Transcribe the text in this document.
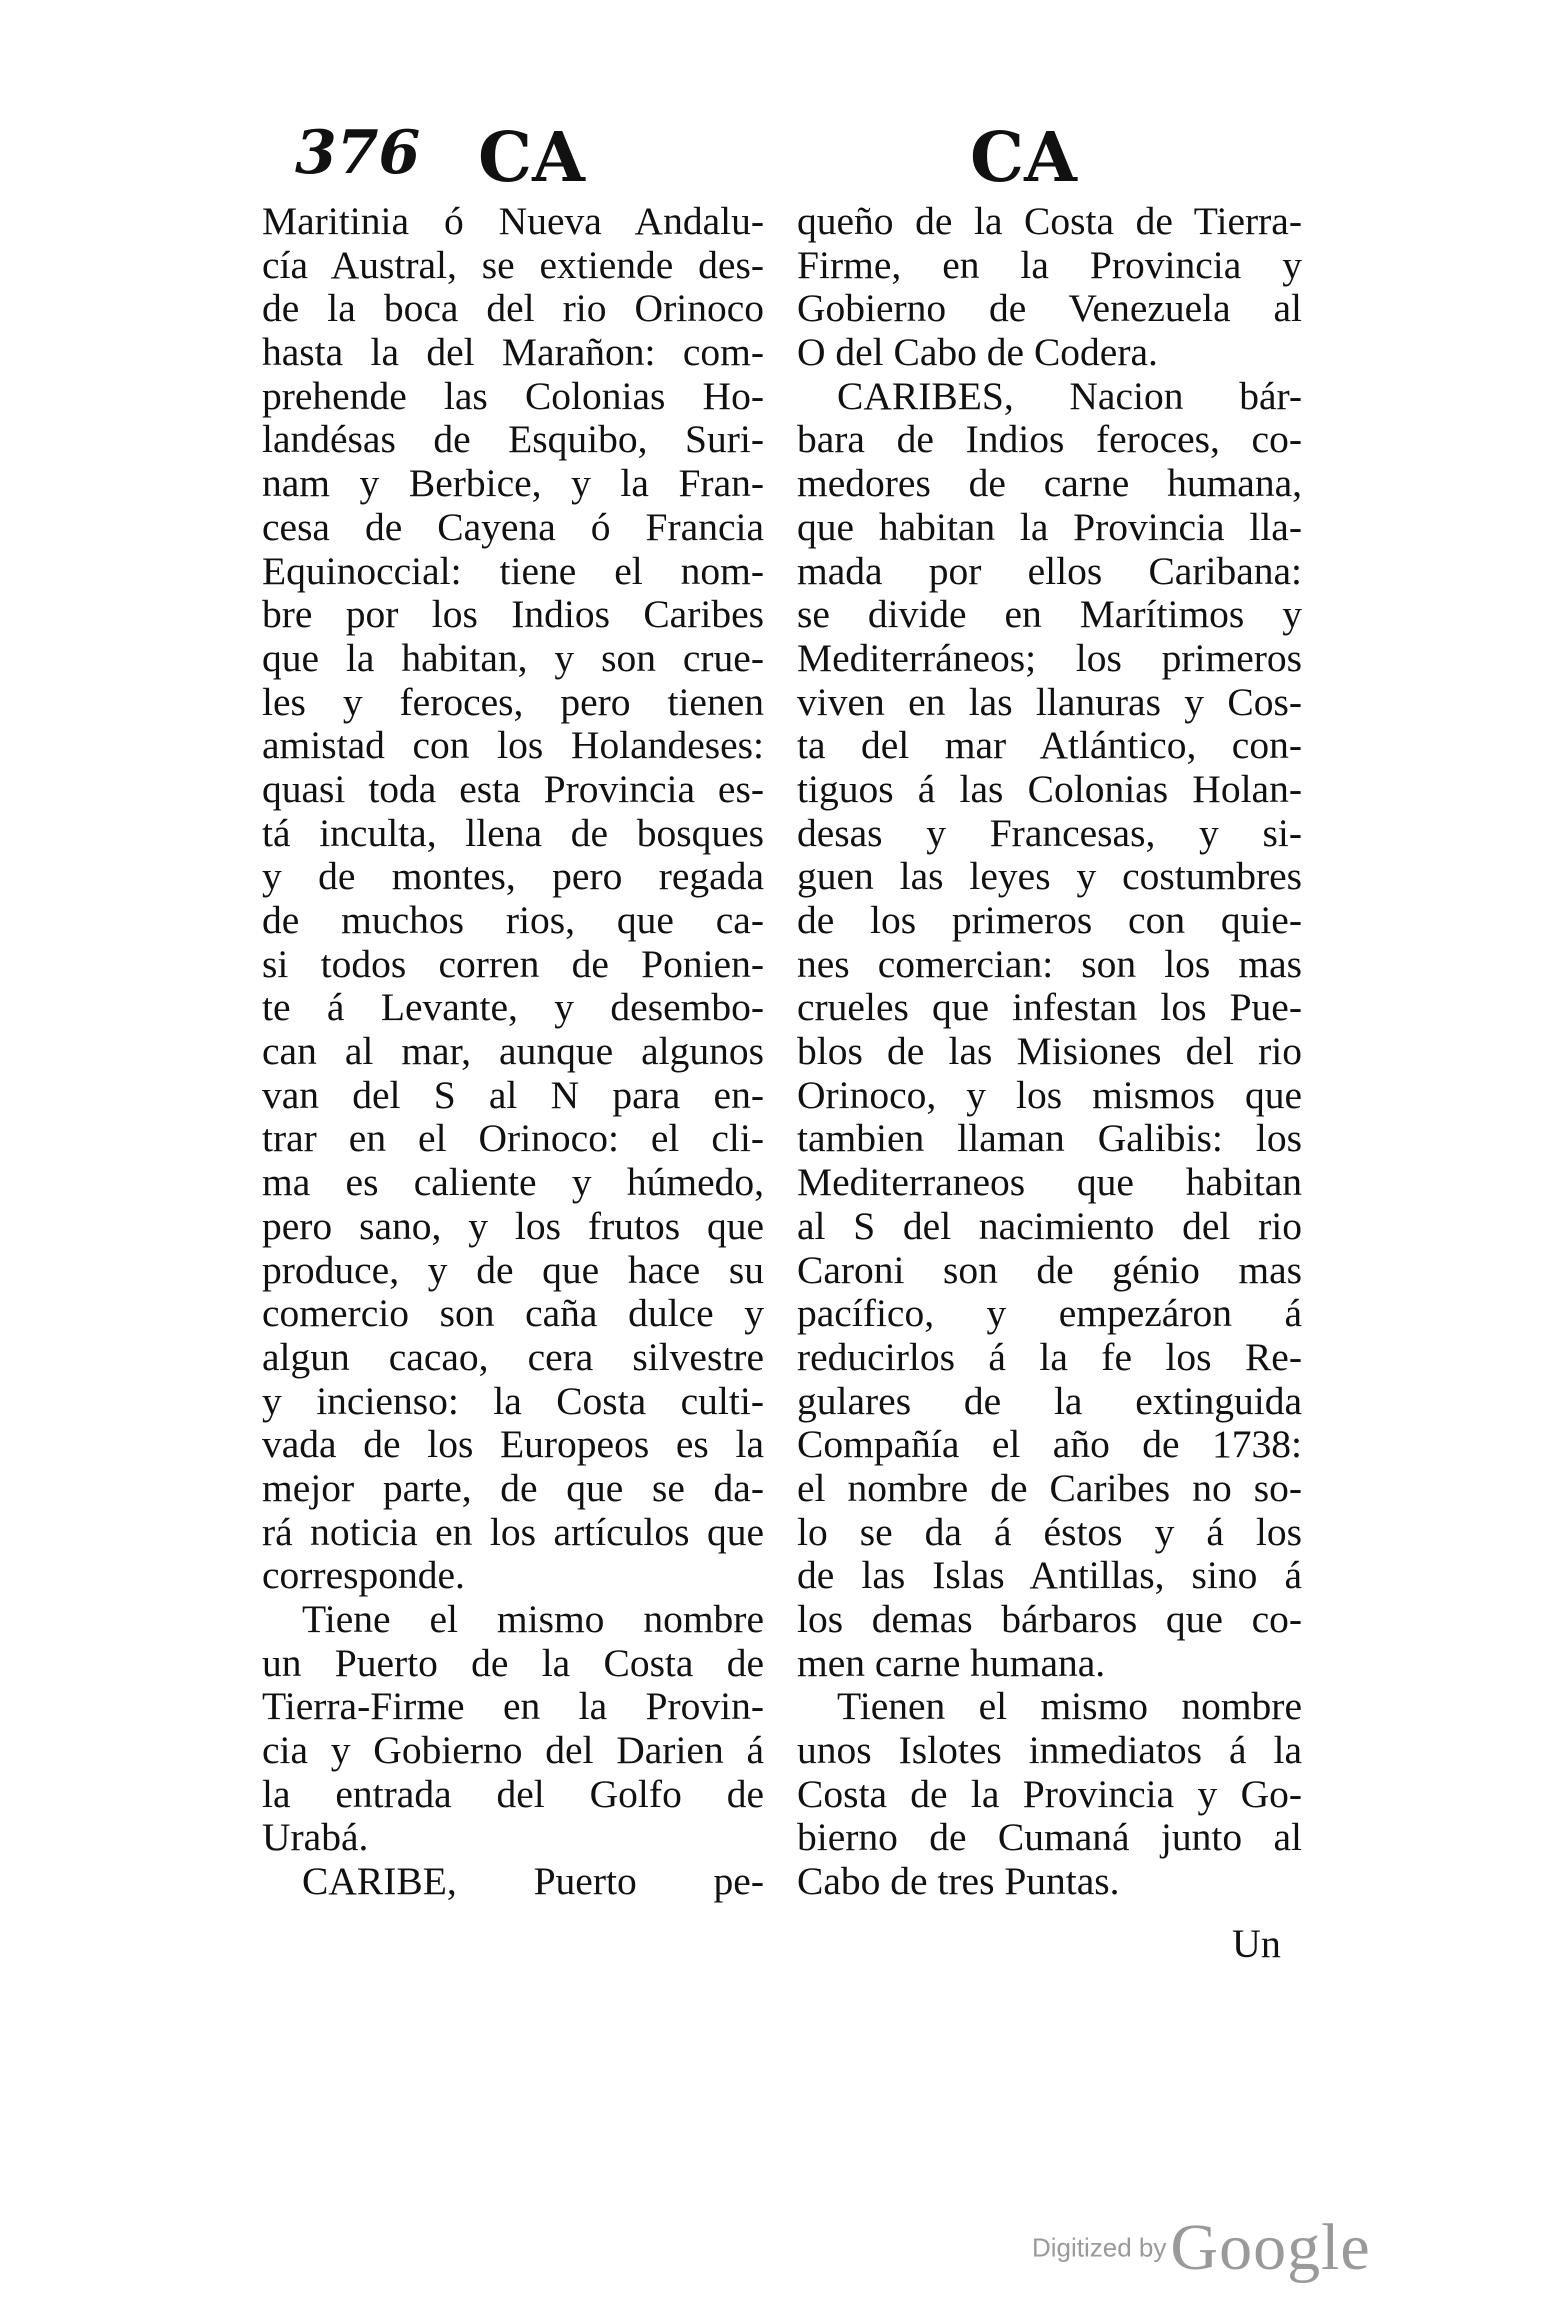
376 CA	CA
Maritinia ó Nueva Andalu-
cía Austral, se extiende des-
de la boca del rio Orinoco
hasta la del Marañon: com-
prehende las Colonias Ho-
landésas de Esquibo, Suri-
nam y Berbice, y la Fran-
cesa de Cayena ó Francia
Equinoccial: tiene el nom-
bre por los Indios Caribes
que la habitan, y son crue-
les y feroces, pero tienen
amistad con los Holandeses:
quasi toda esta Provincia es-
tá inculta, llena de bosques
y de montes, pero regada
de muchos rios, que ca-
si todos corren de Ponien-
te á Levante, y desembo-
can al mar, aunque algunos
van del S al N para en-
trar en el Orinoco: el cli-
ma es caliente y húmedo,
pero sano, y los frutos que
produce, y de que hace su
comercio son caña dulce y
algun cacao, cera silvestre
y incienso: la Costa culti-
vada de los Europeos es la
mejor parte, de que se da-
rá noticia en los artículos que
corresponde.
Tiene el mismo nombre
un Puerto de la Costa de
Tierra-Firme en la Provin-
cia y Gobierno del Darien á
la entrada del Golfo de
Urabá.
CARIBE, Puerto pe-
queño de la Costa de Tierra-
Firme, en la Provincia y
Gobierno de Venezuela al
O del Cabo de Codera.
CARIBES, Nacion bár-
bara de Indios feroces, co-
medores de carne humana,
que habitan la Provincia lla-
mada por ellos Caribana:
se divide en Marítimos y
Mediterráneos; los primeros
viven en las llanuras y Cos-
ta del mar Atlántico, con-
tiguos á las Colonias Holan-
desas y Francesas, y si-
guen las leyes y costumbres
de los primeros con quie-
nes comercian: son los mas
crueles que infestan los Pue-
blos de las Misiones del rio
Orinoco, y los mismos que
tambien llaman Galibis: los
Mediterraneos que habitan
al S del nacimiento del rio
Caroni son de génio mas
pacífico, y empezáron á
reducirlos á la fe los Re-
gulares de la extinguida
Compañía el año de 1738:
el nombre de Caribes no so-
lo se da á éstos y á los
de las Islas Antillas, sino á
los demas bárbaros que co-
men carne humana.
Tienen el mismo nombre
unos Islotes inmediatos á la
Costa de la Provincia y Go-
bierno de Cumaná junto al
Cabo de tres Puntas.
Un
Digitized by Google
